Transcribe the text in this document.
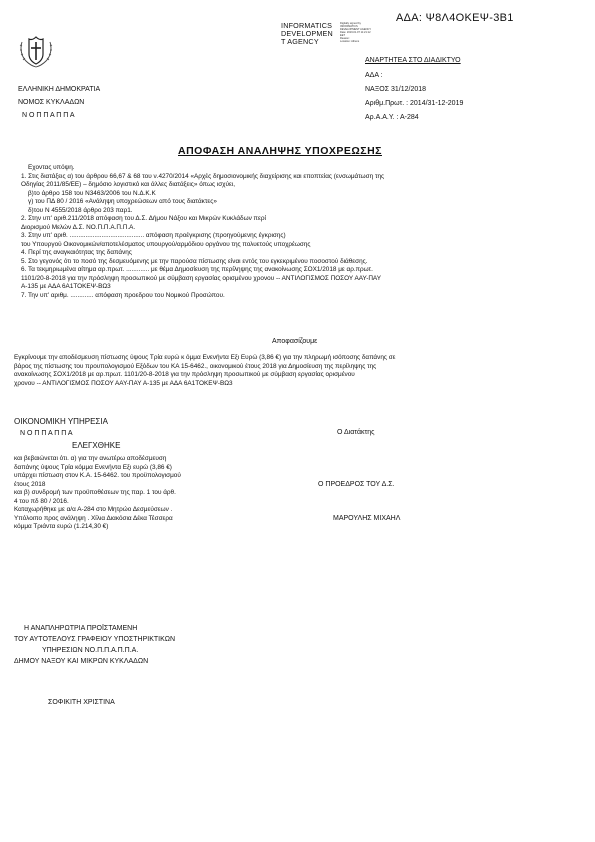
ΑΔΑ: Ψ8Λ4ΟΚΕΨ-3Β1
INFORMATICS
DEVELOPMEN
T AGENCY
Digitally signed by
INFORMATICS
DEVELOPMENT AGENCY
Date: 2019.01.07 11:21:12
EET
Reason:
Location: Athens
ΑΝΑΡΤΗΤΕΑ ΣΤΟ ΔΙΑΔΙΚΤΥΟ
ΕΛΛΗΝΙΚΗ ΔΗΜΟΚΡΑΤΙΑ
ΝΟΜΟΣ ΚΥΚΛΑΔΩΝ
Ν Ο Π Π Α Π Π Α
ΑΔΑ :
ΝΑΞΟΣ 31/12/2018
Αριθμ.Πρωτ. : 2014/31-12-2019
Αρ.Α.Α.Υ. : Α-284
ΑΠΟΦΑΣΗ ΑΝΑΛΗΨΗΣ ΥΠΟΧΡΕΩΣΗΣ
Εχοντας υπόψη.
1. Στις διατάξεις α) του άρθρου 66,67 & 68 του ν.4270/2014 «Αρχές δημοσιονομικής διαχείρισης και εποπτείας (ενσωμάτωση της
Οδηγίας 2011/85/ΕΕ) – δημόσιο λογιστικό και άλλες διατάξεις» όπως ισχύει,
β)το άρθρο 158 του Ν3463/2006 του Ν.Δ.Κ.Κ
γ) του ΠΔ 80 / 2016 «Ανάληψη υποχρεώσεων από τους διατάκτες»
δ)του Ν 4555/2018 άρθρο 203 παρ1.
2. Στην υπ' αριθ.211/2018 απόφαση του Δ.Σ. Δήμου Νάξου και Μικρών Κυκλάδων περί
Διορισμού Μελών Δ.Σ. ΝΟ.Π.Π.Α.Π.Π.Α.
3. Στην υπ' αριθ. .......................................... απόφαση προέγκρισης (προηγούμενης έγκρισης)
του Υπουργού Οικονομικών/αποτελέσματος υπουργού/αρμόδιου οργάνου της πολυετούς υποχρέωσης
4. Περί της αναγκαιότητας της δαπάνης
5. Στο γεγονός ότι το ποσό της δεσμευόμενης με την παρούσα πίστωσης είναι εντός του εγκεκριμένου ποσοστού διάθεσης.
6. Τα τεκμηριωμένα αίτημα αρ.πρωτ. ............. με θέμα Δημοσίευση της περίληψης της ανακοίνωσης ΣΟΧ1/2018 με αρ.πρωτ.
1101/20-8-2018 για την πρόσληψη προσωπικού με σύμβαση εργασίας ορισμένου χρονου -- ΑΝΤΙΛΟΓΙΣΜΟΣ ΠΟΣΟΥ ΑΑΥ-ΠΑΥ
Α-135 με ΑΔΑ 6Α1ΤΟΚΕΨ-ΒΩ3
7. Την υπ' αριθμ. ............. απόφαση προεδρου του Νομικού Προσώπου.
Αποφασίζουμε
Εγκρίνουμε την αποδέσμευση πίστωσης ύψους Τρία ευρώ κ όμμα Ενενήντα Εξι Ευρώ (3,86 €) για την πληρωμή ισόποσης δαπάνης σε
βάρος της πίστωσης του προυπολογισμού Εξόδων του ΚΑ 15-6462., οικονομικού έτους 2018 για Δημοσίευση της περίληψης της
ανακοίνωσης ΣΟΧ1/2018 με αρ.πρωτ. 1101/20-8-2018 για την πρόσληψη προσωπικού με σύμβαση εργασίας ορισμένου
χρονου -- ΑΝΤΙΛΟΓΙΣΜΟΣ ΠΟΣΟΥ ΑΑΥ-ΠΑΥ Α-135 με ΑΔΑ 6Α1ΤΟΚΕΨ-ΒΩ3
ΟΙΚΟΝΟΜΙΚΗ ΥΠΗΡΕΣΙΑ
Ν Ο Π Π Α Π Π Α
ΕΛΕΓΧΘΗΚΕ
και βεβαιώνεται ότι. α) για την ανωτέρω αποδέσμευση
δαπάνης ύψους Τρία κόμμα Ενενήντα Εξι ευρώ (3,86 €)
υπάρχει πίστωση στον Κ.Α. 15-6462. του προϋπολογισμού
έτους 2018
και β) συνδρομή των προϋποθέσεων της παρ. 1 του άρθ.
4 του πδ 80 / 2016.
Καταχωρήθηκε με α/α Α-284 στο Μητρώο Δεσμεύσεων .
Υπόλοιπο προς ανάληψη . Χίλια Διακόσια Δέκα Τέσσερα
κόμμα Τριάντα ευρώ (1.214,30 €)
Ο Διατάκτης
Ο ΠΡΟΕΔΡΟΣ ΤΟΥ Δ.Σ.
ΜΑΡΟΥΛΗΣ ΜΙΧΑΗΛ
Η ΑΝΑΠΛΗΡΩΤΡΙΑ ΠΡΟΪΣΤΑΜΕΝΗ
ΤΟΥ ΑΥΤΟΤΕΛΟΥΣ ΓΡΑΦΕΙΟΥ ΥΠΟΣΤΗΡΙΚΤΙΚΩΝ
ΥΠΗΡΕΣΙΩΝ ΝΟ.Π.Π.Α.Π.Π.Α.
ΔΗΜΟΥ ΝΑΞΟΥ ΚΑΙ ΜΙΚΡΩΝ ΚΥΚΛΑΔΩΝ
ΣΟΦΙΚΙΤΗ ΧΡΙΣΤΙΝΑ
